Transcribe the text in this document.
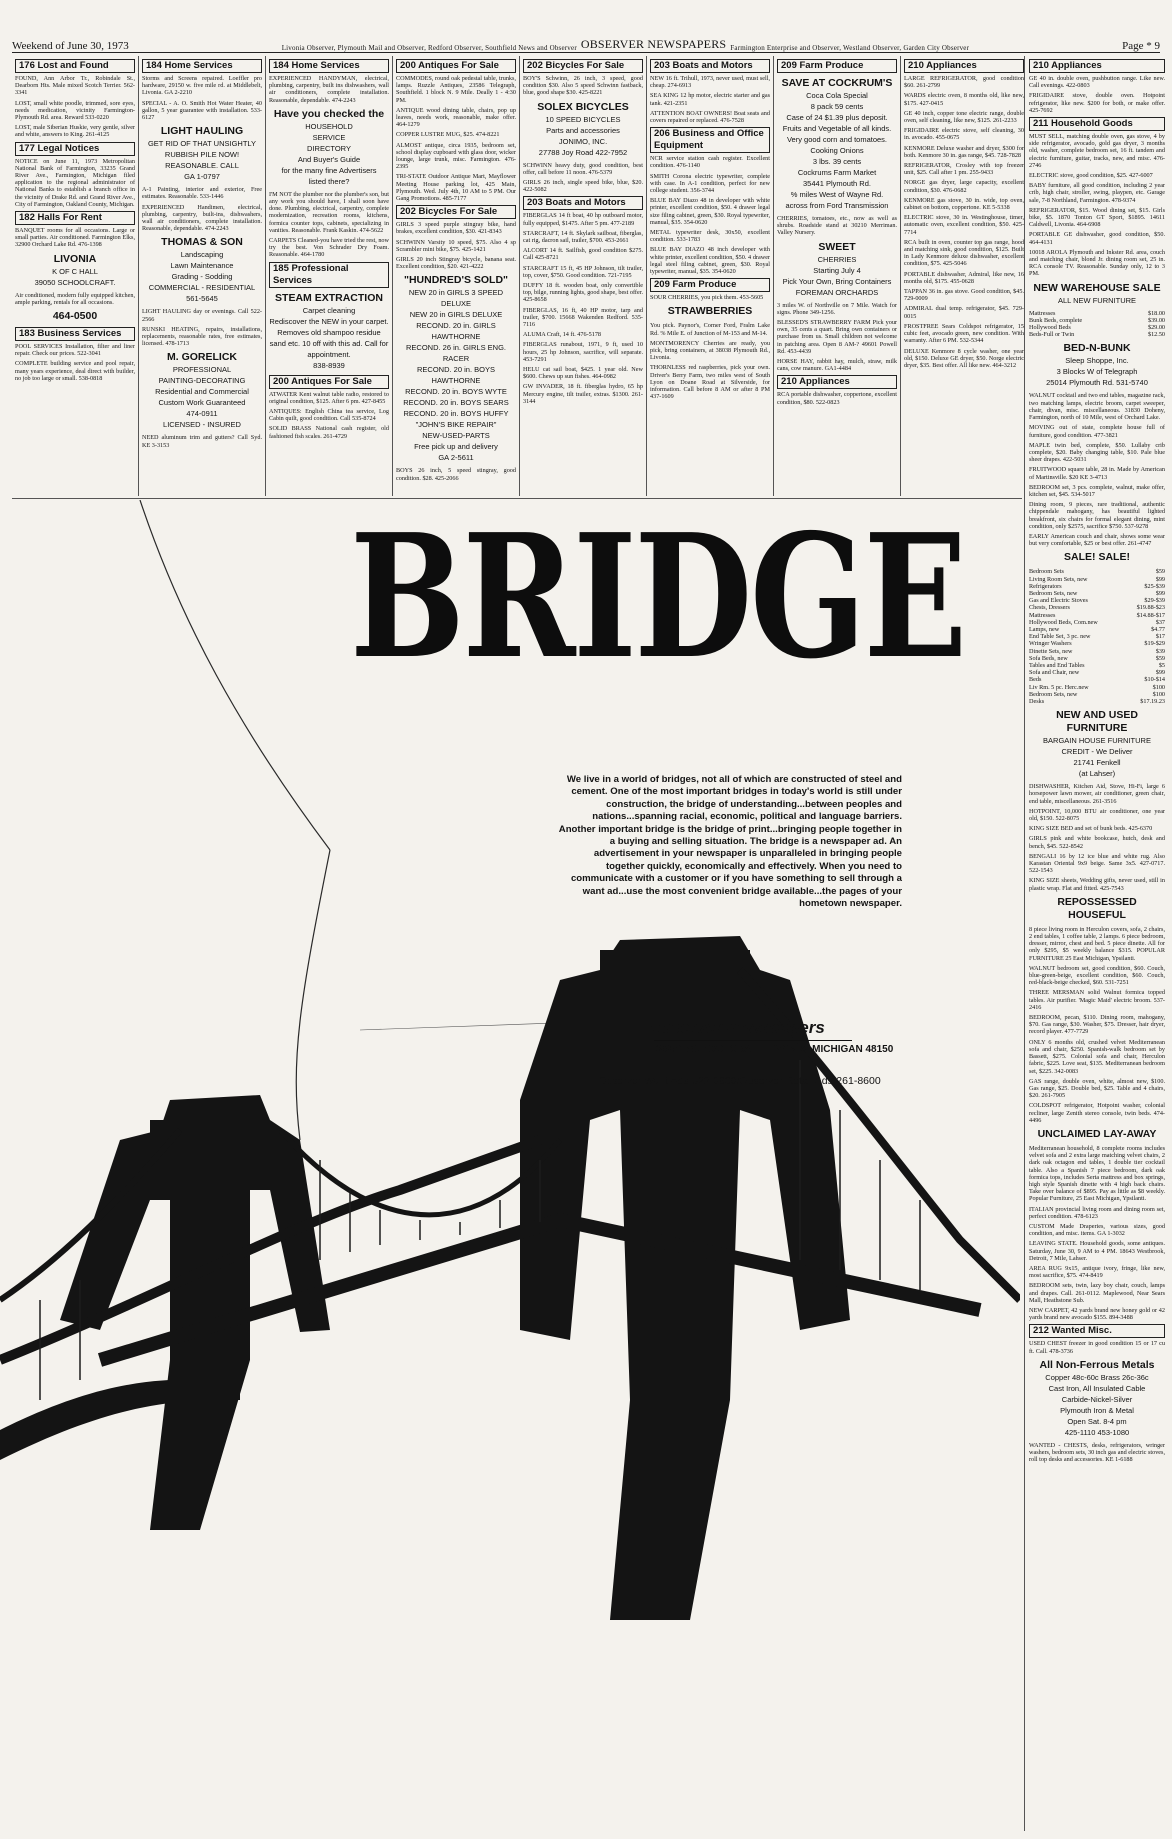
Weekend of June 30, 1973	Livonia Observer, Plymouth Mail and Observer, Redford Observer, Southfield News and Observer OBSERVER NEWSPAPERS Farmington Enterprise and Observer, Westland Observer, Garden City Observer	Page * 9
176 Lost and Found
FOUND, Ann Arbor Tr., Robindale St., Dearborn Hts. Male mixed Scotch Terrier. 562-3341
LOST, small white poodle, trimmed, sore eyes, needs medication, vicinity Farmington-Plymouth Rd. area. Reward 533-0220
LOST, male Siberian Huskie, very gentle, silver and white, answers to King. 261-4125
177 Legal Notices
NOTICE on June 11, 1973 Metropolitan National Bank of Farmington, 33235 Grand River Ave., Farmington, Michigan filed application to the regional administrator of National Banks to establish a branch office in the vicinity of Drake Rd. and Grand River Ave., City of Farmington, Oakland County, Michigan.
182 Halls For Rent
BANQUET rooms for all occasions. Large or small parties. Air conditioned. Farmington Elks, 32900 Orchard Lake Rd. 476-1398
LIVONIA
K OF C HALL
39050 SCHOOLCRAFT.
Air conditioned, modern fully equipped kitchen, ample parking, rentals for all occasions.
464-0500
183 Business Services
POOL SERVICES Installation, filter and liner repair. Check our prices. 522-3041
COMPLETE building service and pool repair, many years experience, deal direct with builder, no job too large or small. 538-0818
184 Home Services
Storms and Screens repaired. Loeffler pro hardware, 29150 w. five mile rd. at Middlebelt, Livonia. GA 2-2210
SPECIAL - A. O. Smith Hot Water Heater, 40 gallon, 5 year guarantee with installation. 533-6127
LIGHT HAULING
GET RID OF THAT UNSIGHTLY RUBBISH PILE NOW! REASONABLE. CALL
GA 1-0797
A-1 Painting, interior and exterior, Free estimates. Reasonable. 533-1446
EXPERIENCED Handimen, electrical, plumbing, carpentry, built-ins, dishwashers, wall air conditioners, complete installation. Reasonable, dependable. 474-2243
THOMAS & SON
Landscaping
Lawn Maintenance
Grading - Sodding
COMMERCIAL - RESIDENTIAL
561-5645
LIGHT HAULING day or evenings. Call 522-2566
RUNSKI HEATING, repairs, installations, replacements, reasonable rates, free estimates, licensed. 478-1713
M. GORELICK
PROFESSIONAL
PAINTING-DECORATING
Residential and Commercial
Custom Work Guaranteed
474-0911
LICENSED - INSURED
NEED aluminum trim and gutters? Call Syd. KE 3-3153
184 Home Services
EXPERIENCED HANDYMAN, electrical, plumbing, carpentry, built ins dishwashers, wall air conditioners, complete installation. Reasonable, dependable. 474-2243
Have you checked the
HOUSEHOLD
SERVICE
DIRECTORY
And Buyer's Guide
for the many fine Advertisers
listed there?
I'M NOT the plumber nor the plumber's son, but any work you should have, I shall soon have done. Plumbing, electrical, carpentry, complete modernization, recreation rooms, kitchens, formica counter tops, cabinets, specializing in vanities. Reasonable. Frank Kaskin. 474-5622
CARPETS Cleaned-you have tried the rest, now try the best. Von Schrader Dry Foam. Reasonable. 464-1780
185 Professional Services
STEAM EXTRACTION
Carpet cleaning
Rediscover the NEW in your carpet. Removes old shampoo residue sand etc. 10 off with this ad. Call for appointment.
838-8939
200 Antiques For Sale
ATWATER Kent walnut table radio, restored to original condition, $125. After 6 pm. 427-8455
ANTIQUES: English China tea service, Log Cabin quilt, good condition. Call 535-8724
SOLID BRASS National cash register, old fashioned fish scales. 261-4729
200 Antiques For Sale
COMMODES, round oak pedestal table, trunks, lamps. Ruzzle Antiques, 23586 Telegraph, Southfield. 1 block N. 9 Mile. Deally 1 - 4:30 PM.
ANTIQUE wood dining table, chairs, pop up leaves, needs work, reasonable, make offer. 464-1279
COPPER LUSTRE MUG, $25. 474-8221
ALMOST antique, circa 1935, bedroom set, school display cupboard with glass door, wicker lounge, large trunk, misc. Farmington. 476-2395
TRI-STATE Outdoor Antique Mart, Mayflower Meeting House parking lot, 425 Main, Plymouth. Wed. July 4th, 10 AM to 5 PM. Our Gang Promotions. 485-7177
202 Bicycles For Sale
GIRLS 3 speed purple stingray bike, hand brakes, excellent condition, $30. 421-8343
SCHWINN Varsity 10 speed, $75. Also 4 sp Scrambler mini bike, $75. 425-1421
GIRLS 20 inch Stingray bicycle, banana seat. Excellent condition, $20. 421-4222
"HUNDRED'S SOLD"
NEW 20 in GIRLS 3 SPEED DELUXE
NEW 20 in GIRLS DELUXE
RECOND. 20 in. GIRLS HAWTHORNE
RECOND. 26 in. GIRLS ENG. RACER
RECOND. 20 in. BOYS HAWTHORNE
RECOND. 20 in. BOYS WYTE
RECOND. 20 in. BOYS SEARS
RECOND. 20 in. BOYS HUFFY
"JOHN'S BIKE REPAIR"
NEW-USED-PARTS
Free pick up and delivery
GA 2-5611
BOYS 26 inch, 5 speed stingray, good condition. $28. 425-2066
202 Bicycles For Sale
BOY'S Schwinn, 26 inch, 3 speed, good condition $30. Also 5 speed Schwinn fastback, blue, good shape $30. 425-8221
SOLEX BICYCLES
10 SPEED BICYCLES
Parts and accessories
JONIMO, INC.
27788 Joy Road 422-7952
SCHWINN heavy duty, good condition, best offer, call before 11 noon. 476-5379
GIRLS 26 inch, single speed bike, blue, $20. 422-5082
203 Boats and Motors
FIBERGLAS 14 ft boat, 40 hp outboard motor, fully equipped, $1475. After 5 pm. 477-2189
STARCRAFT, 14 ft. Skylark sailboat, fiberglas, cat rig, dacron sail, trailer, $700. 453-2661
ALCORT 14 ft. Sailfish, good condition $275. Call 425-8721
STARCRAFT 15 ft, 45 HP Johnson, tilt trailer, top, cover, $750. Good condition. 721-7195
DUFFY 18 ft. wooden boat, only convertible top, bilge, running lights, good shape, best offer. 425-8658
FIBERGLAS, 16 ft, 40 HP motor, tarp and trailer, $700. 15668 Wakenden Redford. 535-7116
ALUMA Craft, 14 ft. 476-5178
FIBERGLAS runabout, 1971, 9 ft, used 10 hours, 25 hp Johnson, sacrifice, will separate. 453-7291
HELU cat sail boat, $425. 1 year old. New $600. Chews up sun fishes. 464-0982
GW INVADER, 18 ft. fiberglas hydro, 65 hp Mercury engine, tilt trailer, extras. $1300. 261-3144
203 Boats and Motors
NEW 16 ft. Trihull, 1973, never used, must sell, cheap. 274-6913
SEA KING 12 hp motor, electric starter and gas tank. 421-2351
ATTENTION BOAT OWNERS! Boat seats and covers repaired or replaced. 476-7528
206 Business and Office Equipment
NCR service station cash register. Excellent condition. 476-1140
SMITH Corona electric typewriter, complete with case. In A-1 condition, perfect for new college student. 356-3744
BLUE BAY Diazo 48 in developer with white printer, excellent condition, $50. 4 drawer legal size filing cabinet, green, $30. Royal typewriter, manual, $35. 354-0620
METAL typewriter desk, 30x50, excellent condition. 533-1783
BLUE BAY DIAZO 48 inch developer with white printer, excellent condition, $50. 4 drawer legal steel filing cabinet, green, $30. Royal typewriter, manual, $35. 354-0620
209 Farm Produce
SOUR CHERRIES, you pick them. 453-5605
STRAWBERRIES
You pick. Paynor's, Corner Ford, Fralm Lake Rd. % Mile E. of Junction of M-153 and M-14.
MONTMORENCY Cherries are ready, you pick, bring containers, at 38038 Plymouth Rd., Livonia.
THORNLESS red raspberries, pick your own. Driver's Berry Farm, two miles west of South Lyon on Doane Road at Silverside, for information. Call before 8 AM or after 8 PM 437-1609
209 Farm Produce
SAVE AT COCKRUM'S
Coca Cola Special
8 pack 59 cents
Case of 24 $1.39 plus deposit.
Fruits and Vegetable of all kinds.
Very good corn and tomatoes.
Cooking Onions
3 lbs. 39 cents
Cockrums Farm Market
35441 Plymouth Rd.
% miles West of Wayne Rd.
across from Ford Transmission
CHERRIES, tomatoes, etc., now as well as shrubs. Roadside stand at 30210 Merriman. Valley Nursery.
SWEET
CHERRIES
Starting July 4
Pick Your Own, Bring Containers
FOREMAN ORCHARDS
3 miles W. of Northville on 7 Mile. Watch for signs. Phone 349-1256.
BLESSED'S STRAWBERRY FARM Pick your own, 35 cents a quart. Bring own containers or purchase from us. Small children not welcome in patching area. Open 8 AM-? 49601 Powell Rd. 453-4439
HORSE HAY, rabbit hay, mulch, straw, milk cans, cow manure. GA1-4484
210 Appliances
RCA portable dishwasher, coppertone, excellent condition, $80. 522-0823
210 Appliances
LARGE REFRIGERATOR, good condition $60. 261-2799
WARDS electric oven, 8 months old, like new, $175. 427-0415
GE 40 inch, copper tone electric range, double oven, self cleaning, like new, $125. 261-2233
FRIGIDAIRE electric stove, self cleaning, 30 in. avocado. 455-0675
KENMORE Deluxe washer and dryer, $300 for both. Kenmore 30 in. gas range, $45. 728-7828
REFRIGERATOR, Crosley with top freezer unit, $25. Call after 1 pm. 255-9433
NORGE gas dryer, large capacity, excellent condition, $30. 476-0682
KENMORE gas stove, 30 in. wide, top oven, cabinet on bottom, coppertone. KE 5-5338
ELECTRIC stove, 30 in. Westinghouse, timer, automatic oven, excellent condition, $50. 425-7714
RCA built in oven, counter top gas range, hood and matching sink, good condition, $125. Built in Lady Kenmore deluxe dishwasher, excellent condition, $75. 425-5046
PORTABLE dishwasher, Admiral, like new, 16 months old, $175. 455-0628
TAPPAN 36 in. gas stove. Good condition, $45. 729-0009
ADMIRAL dual temp. refrigerator, $45. 729-0015
FROSTFREE Sears Coldspot refrigerator, 15 cubic feet, avocado green, new condition. With warranty. After 6 PM. 532-5344
DELUXE Kenmore 8 cycle washer, one year old, $150. Deluxe GE dryer, $50. Norge electric dryer, $35. Best offer. All like new. 464-3212
210 Appliances
GE 40 in. double oven, pushbutton range. Like new. Call evenings. 422-0803
FRIGIDAIRE stove, double oven. Hotpoint refrigerator, like new. $200 for both, or make offer. 425-7692
211 Household Goods
MUST SELL, matching double oven, gas stove, 4 by side refrigerator, avocado, gold gas dryer, 3 months old, washer, complete bedroom set, 16 ft. tandem and electric furniture, guitar, tracks, new, and misc. 476-2746
ELECTRIC stove, good condition, $25. 427-6007
BABY furniture, all good condition, including 2 year crib, high chair, stroller, swing, playpen, etc. Garage sale, 7-8 Northland, Farmington. 478-9374
REFRIGERATOR, $15. Wood dining set, $15. Girls bike, $5. 1870 Tonton GT Sport, $1895. 14611 Caldwell, Livonia. 464-6908
PORTABLE GE dishwasher, good condition, $50. 464-4131
10018 AROLA Plymouth and Inkster Rd. area, couch and matching chair, blond Jr. dining room set, 25 in. RCA console TV. Reasonable. Sunday only, 12 to 3 PM.
NEW WAREHOUSE SALE
ALL NEW FURNITURE
Mattresses	$18.00
Bunk Beds, complete	$39.00
Hollywood Beds	$29.00
Beds-Full or Twin	$12.50
BED-N-BUNK
Sleep Shoppe, Inc.
3 Blocks W of Telegraph
25014 Plymouth Rd. 531-5740
WALNUT cocktail and two end tables, magazine rack, two matching lamps, electric broom, carpet sweeper, chair, divan, misc. miscellaneous. 31830 Doheny, Farmington, north of 10 Mile, west of Orchard Lake.
MOVING out of state, complete house full of furniture, good condition. 477-3821
MAPLE twin bed, complete, $50. Lullaby crib complete, $20. Baby changing table, $10. Pale blue sheer drapes. 422-5031
FRUITWOOD square table, 28 in. Made by American of Martinsville. $20 KE 3-4713
BEDROOM set, 3 pcs. complete, walnut, make offer, kitchen set, $45. 534-5017
Dining room, 9 pieces, rare traditional, authentic chippendale mahogany, has beautiful lighted breakfront, six chairs for formal elegant dining, mint condition, only $2575, sacrifice $750. 537-9278
EARLY American couch and chair, shows some wear but very comfortable, $25 or best offer. 261-4747
SALE! SALE!
Bedroom Sets	$59
Living Room Sets, new	$99
Refrigerators	$25-$39
Bedroom Sets, new	$99
Gas and Electric Stoves	$29-$39
Chests, Dressers	$19.88-$23
Mattresses	$14.88-$17
Hollywood Beds, Com.new	$37
Lamps, new	$4.77
End Table Set, 3 pc. new	$17
Wringer Washers	$19-$29
Dinette Sets, new	$39
Sofa Beds, new	$59
Tables and End Tables	$5
Sofa and Chair, new	$99
Beds	$10-$14
Liv Rm. 5 pc. Herc.new	$100
Bedroom Sets, new	$100
Desks	$17.19.23
NEW AND USED FURNITURE
BARGAIN HOUSE FURNITURE
CREDIT - We Deliver
21741 Fenkell
(at Lahser)
DISHWASHER, Kitchen Aid, Stove, Hi-Fi, large 6 horsepower lawn mower, air conditioner, green chair, end table, miscellaneous. 261-3516
HOTPOINT, 10,000 BTU air conditioner, one year old, $150. 522-8075
KING SIZE BED and set of bunk beds. 425-6370
GIRLS pink and white bookcase, hutch, desk and bench, $45. 522-8542
BENGALI 16 by 12 ice blue and white rug. Also Karastan Oriental 9x9 beige. Same 3x5. 427-0717. 522-1543
KING SIZE sheets, Wedding gifts, never used, still in plastic wrap. Flat and fitted. 425-7543
REPOSSESSED HOUSEFUL
8 piece living room in Herculon covers, sofa, 2 chairs, 2 end tables, 1 coffee table, 2 lamps. 6 piece bedroom, dresser, mirror, chest and bed. 5 piece dinette. All for only $295, $5 weekly balance $315. POPULAR FURNITURE 25 East Michigan, Ypsilanti.
WALNUT bedroom set, good condition, $60. Couch, blue-green-beige, excellent condition, $60. Couch, red-black-beige checked, $60. 531-7251
THREE MERSMAN solid Walnut formica topped tables. Air purifier. 'Magic Maid' electric broom. 537-2416
BEDROOM, pecan, $110. Dining room, mahogany, $70. Gas range, $30. Washer, $75. Dresser, hair dryer, record player. 477-7729
ONLY 6 months old, crushed velvet Mediterranean sofa and chair, $250. Spanish-walk bedroom set by Bassett, $275. Colonial sofa and chair, Herculon fabric, $225. Love seat, $135. Mediterranean bedroom set, $225. 342-0083
GAS range, double oven, white, almost new, $100. Gas range, $25. Double bed, $25. Table and 4 chairs, $20. 261-7905
COLDSPOT refrigerator, Hotpoint washer, colonial recliner, large Zenith stereo console, twin beds. 474-4496
UNCLAIMED LAY-AWAY
Mediterranean household, 8 complete rooms includes velvet sofa and 2 extra large matching velvet chairs, 2 dark oak octagon end tables, 1 double tier cocktail table. Also a Spanish 7 piece bedroom, dark oak formica tops, includes Serta mattress and box springs, high style Spanish dinette with 4 high back chairs. Take over balance of $895. Pay as little as $8 weekly. Popular Furniture, 25 East Michigan, Ypsilanti.
ITALIAN provincial living room and dining room set, perfect condition. 478-6123
CUSTOM Made Draperies, various sizes, good condition, and misc. items. GA 1-3032
LEAVING STATE. Household goods, some antiques. Saturday, June 30, 9 AM to 4 PM. 18643 Westbrook, Detroit, 7 Mile, Lahser.
AREA RUG 9x15, antique ivory, fringe, like new, most sacrifice, $75. 474-8419
BEDROOM sets, twin, lazy boy chair, couch, lamps and drapes. Call. 261-0112. Maplewood, Near Sears Mall, Heathstone Sub.
NEW CARPET, 42 yards brand new honey gold or 42 yards brand new avocado $155. 894-3488
212 Wanted Misc.
USED CHEST freezer in good condition 15 or 17 cu ft. Call. 478-3736
All Non-Ferrous Metals
Copper 48c-60c Brass 26c-36c
Cast Iron, All Insulated Cable
Carbide-Nickel-Silver
Plymouth Iron & Metal
Open Sat. 8-4 pm
425-1110 453-1080
WANTED - CHESTS, desks, refrigerators, wringer washers, bedroom sets, 30 inch gas and electric stoves, roll top desks and accessories. KE 1-6188
BRIDGE
We live in a world of bridges, not all of which are constructed of steel and cement. One of the most important bridges in today's world is still under construction, the bridge of understanding...between peoples and nations...spanning racial, economic, political and language barriers. Another important bridge is the bridge of print...bringing people together in a buying and selling situation. The bridge is a newspaper ad. An advertisement in your newspaper is unparalleled in bringing people together quickly, economically and effectively. When you need to communicate with a customer or if you have something to sell through a want ad...use the most convenient bridge available...the pages of your hometown newspaper.
observer newspapers
36251 SCHOOLCRAFT LIVONIA, MICHIGAN 48150
Observer Want Ads-522-0900/Observer Retail Ads-261-8600
